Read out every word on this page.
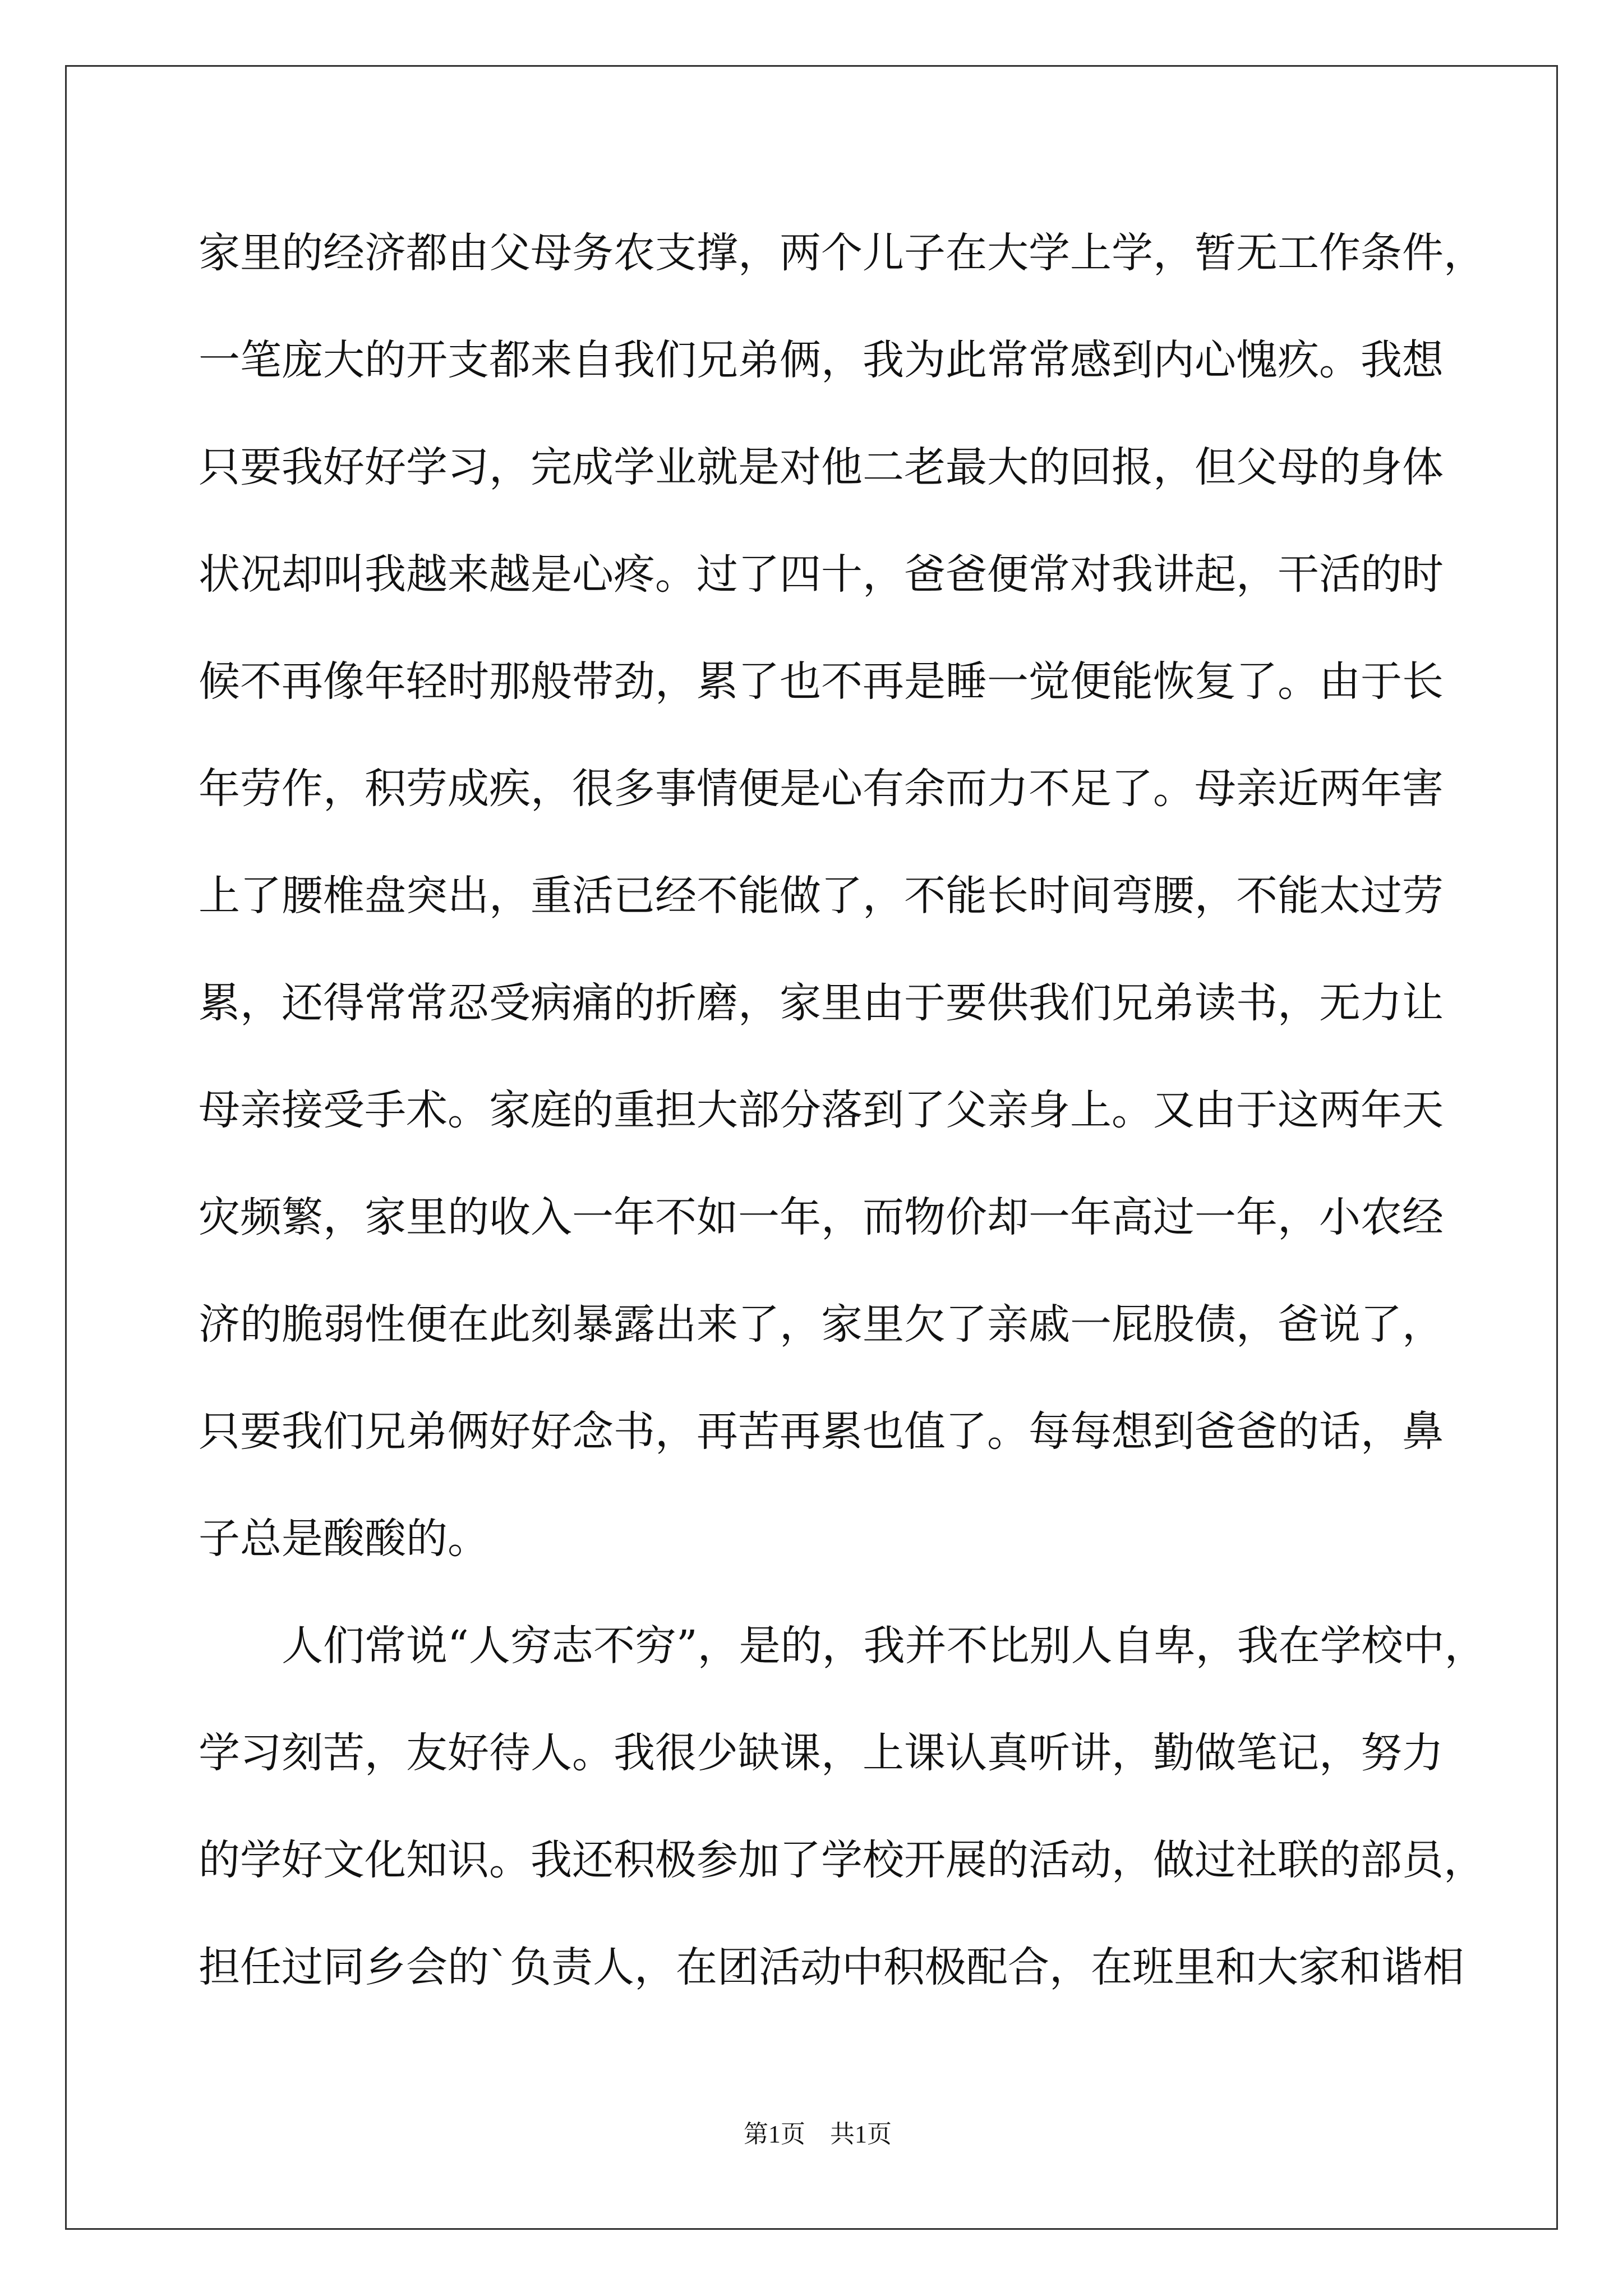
家里的经济都由父母务农支撑，两个儿子在大学上学，暂无工作条件，
一笔庞大的开支都来自我们兄弟俩，我为此常常感到内心愧疚。我想
只要我好好学习，完成学业就是对他二老最大的回报，但父母的身体
状况却叫我越来越是心疼。过了四十，爸爸便常对我讲起，干活的时
候不再像年轻时那般带劲，累了也不再是睡一觉便能恢复了。由于长
年劳作，积劳成疾，很多事情便是心有余而力不足了。母亲近两年害
上了腰椎盘突出，重活已经不能做了，不能长时间弯腰，不能太过劳
累，还得常常忍受病痛的折磨，家里由于要供我们兄弟读书，无力让
母亲接受手术。家庭的重担大部分落到了父亲身上。又由于这两年天
灾频繁，家里的收入一年不如一年，而物价却一年高过一年，小农经
济的脆弱性便在此刻暴露出来了，家里欠了亲戚一屁股债，爸说了，
只要我们兄弟俩好好念书，再苦再累也值了。每每想到爸爸的话，鼻
子总是酸酸的。
人们常说“人穷志不穷”，是的，我并不比别人自卑，我在学校中，
学习刻苦，友好待人。我很少缺课，上课认真听讲，勤做笔记，努力
的学好文化知识。我还积极参加了学校开展的活动，做过社联的部员，
担任过同乡会的`负责人，在团活动中积极配合，在班里和大家和谐相

第1页　共1页
